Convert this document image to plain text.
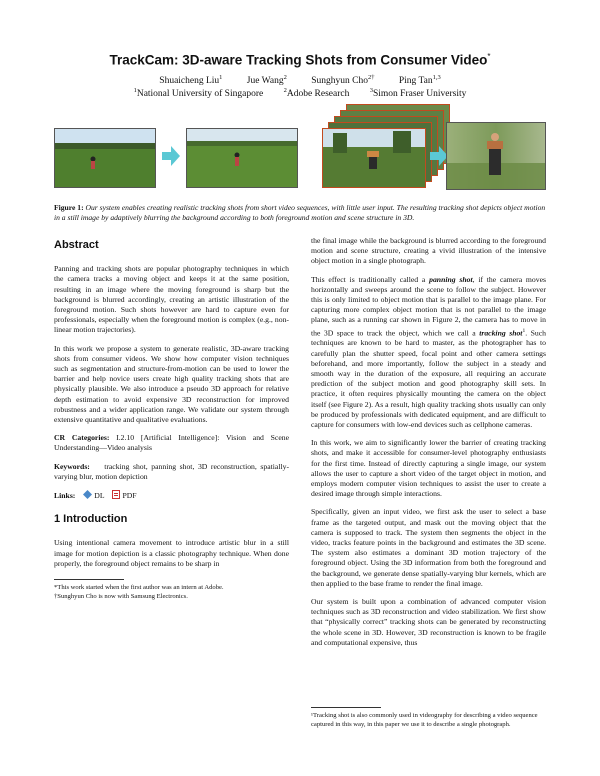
TrackCam: 3D-aware Tracking Shots from Consumer Video*
Shuaicheng Liu$^1$	Jue Wang$^2$	Sunghyun Cho$^{2\dagger}$	Ping Tan$^{1,3}$
$^1$National University of Singapore	$^2$Adobe Research	$^3$Simon Fraser University
Figure 1: Our system enables creating realistic tracking shots from short video sequences, with little user input. The resulting tracking shot depicts object motion in a still image by adaptively blurring the background according to both foreground motion and scene structure in 3D.
Abstract

Panning and tracking shots are popular photography techniques in which the camera tracks a moving object and keeps it at the same position, resulting in an image where the moving foreground is sharp but the background is blurred accordingly, creating an artistic illustration of the foreground motion. Such shots however are hard to capture even for professionals, especially when the foreground motion is complex (e.g., non-linear motion trajectories).

In this work we propose a system to generate realistic, 3D-aware tracking shots from consumer videos. We show how computer vision techniques such as segmentation and structure-from-motion can be used to lower the barrier and help novice users create high quality tracking shots that are physically plausible. We also introduce a pseudo 3D approach for relative depth estimation to avoid expensive 3D reconstruction for improved robustness and a wider application range. We validate our system through extensive quantitative and qualitative evaluations.

CR Categories: I.2.10 [Artificial Intelligence]: Vision and Scene Understanding—Video analysis

Keywords: tracking shot, panning shot, 3D reconstruction, spatially-varying blur, motion depiction

Links: DL PDF

1 Introduction

Using intentional camera movement to introduce artistic blur in a still image for motion depiction is a classic photography technique. When done properly, the foreground object remains to be sharp in

*This work started when the first author was an intern at Adobe.
†Sunghyun Cho is now with Samsung Electronics.

the final image while the background is blurred according to the foreground motion and scene structure, creating a vivid illustration of the intensive object motion in a single photograph.

This effect is traditionally called a panning shot, if the camera moves horizontally and sweeps around the scene to follow the subject. However this is only limited to object motion that is parallel to the image plane. For capturing more complex object motion that is not parallel to the image plane, such as a running car shown in Figure 2, the camera has to move in the 3D space to track the object, which we call a tracking shot$^1$. Such techniques are known to be hard to master, as the photographer has to carefully plan the shutter speed, focal point and other camera settings beforehand, and more importantly, follow the subject in a steady and smooth way in the duration of the exposure, all requiring an accurate prediction of the subject motion and good photography skill sets. In practice, it often requires physically mounting the camera on the object itself (see Figure 2). As a result, high quality tracking shots usually can only be produced by professionals with dedicated equipment, and are difficult to capture for consumers with low-end devices such as cellphone cameras.

In this work, we aim to significantly lower the barrier of creating tracking shots, and make it accessible for consumer-level photography enthusiasts for the first time. Instead of directly capturing a single image, our system allows the user to capture a short video of the target object in motion, and employs modern computer vision techniques to assist the user to create a desired image through simple interactions.

Specifically, given an input video, we first ask the user to select a base frame as the targeted output, and mask out the moving object that the camera is supposed to track. The system then segments the object in the video, tracks feature points in the background and estimates the 3D scene. The system also estimates a dominant 3D motion trajectory of the foreground object. Using the 3D information from both the foreground and the background, we generate dense spatially-varying blur kernels, which are then applied to the base frame to render the final image.

Our system is built upon a combination of advanced computer vision techniques such as 3D reconstruction and video stabilization. We first show that “physically correct” tracking shots can be generated by reconstructing the whole scene in 3D. However, 3D reconstruction is known to be fragile and computational expensive, thus

¹Tracking shot is also commonly used in videography for describing a video sequence captured in this way, in this paper we use it to describe a single photograph.
